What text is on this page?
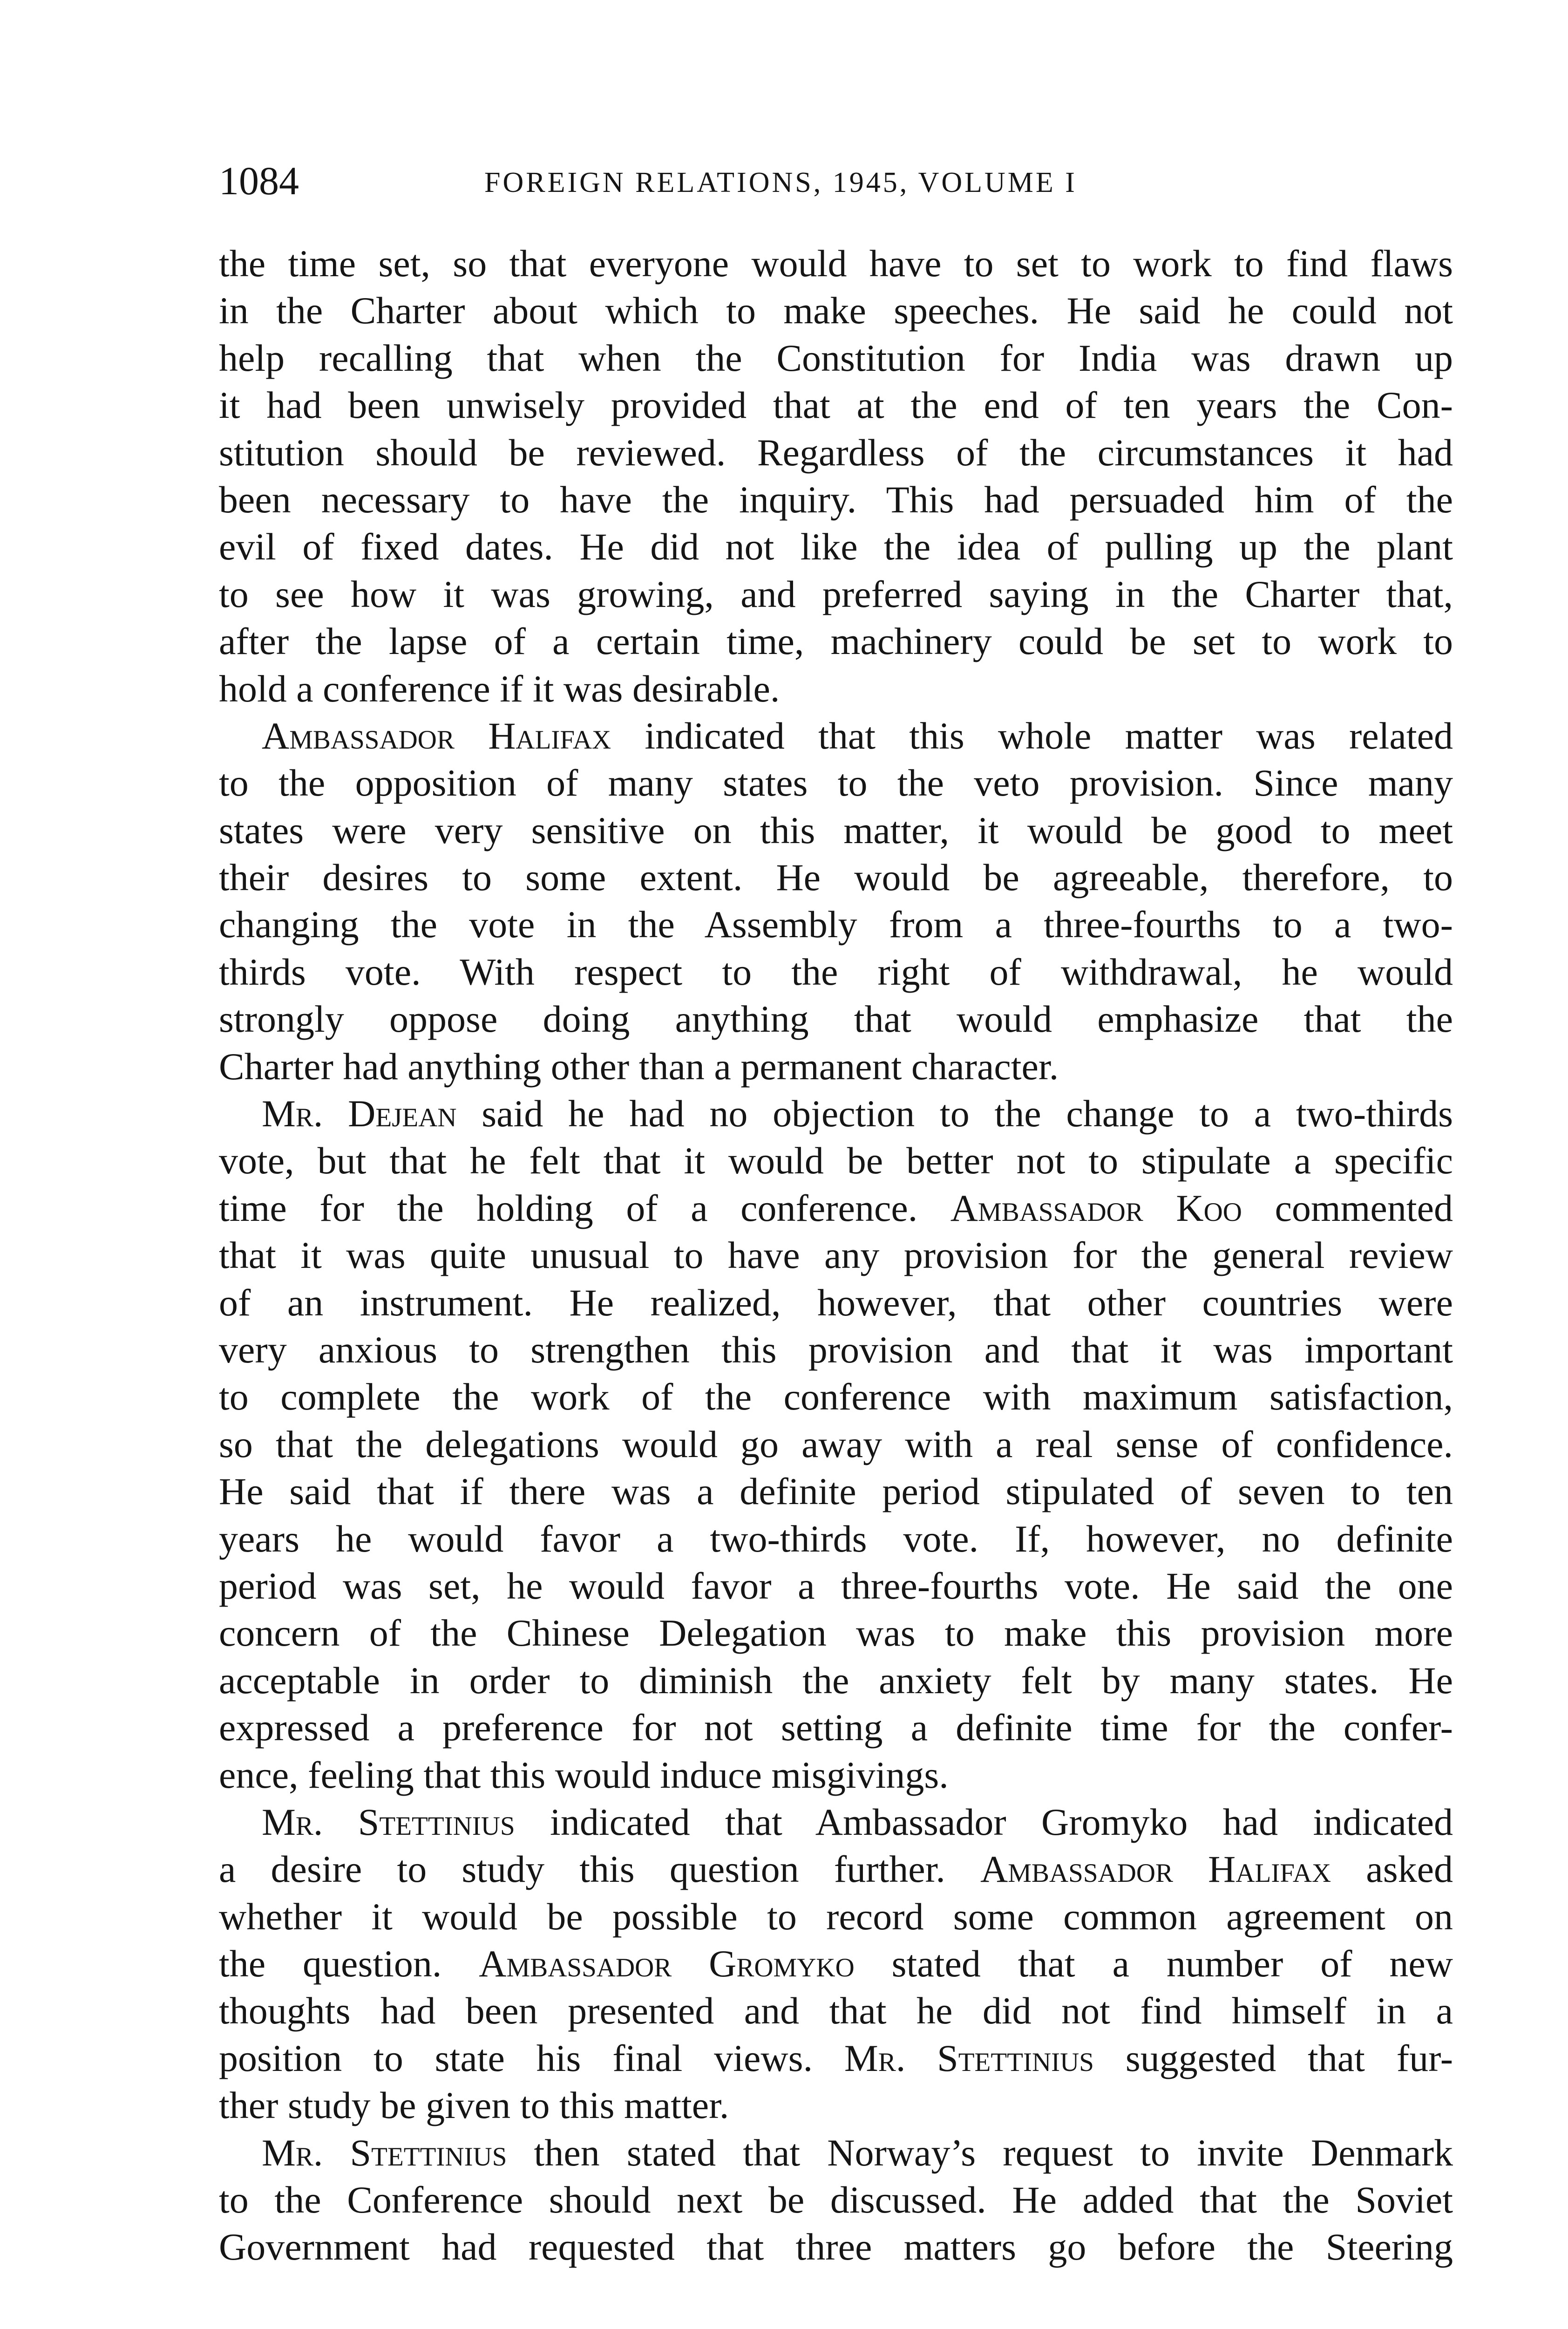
1084	FOREIGN RELATIONS, 1945, VOLUME I
the time set, so that everyone would have to set to work to find flaws
in the Charter about which to make speeches. He said he could not
help recalling that when the Constitution for India was drawn up
it had been unwisely provided that at the end of ten years the Con-
stitution should be reviewed. Regardless of the circumstances it had
been necessary to have the inquiry. This had persuaded him of the
evil of fixed dates. He did not like the idea of pulling up the plant
to see how it was growing, and preferred saying in the Charter that,
after the lapse of a certain time, machinery could be set to work to
hold a conference if it was desirable.
Ambassador Halifax indicated that this whole matter was related
to the opposition of many states to the veto provision. Since many
states were very sensitive on this matter, it would be good to meet
their desires to some extent. He would be agreeable, therefore, to
changing the vote in the Assembly from a three-fourths to a two-
thirds vote. With respect to the right of withdrawal, he would
strongly oppose doing anything that would emphasize that the
Charter had anything other than a permanent character.
Mr. Dejean said he had no objection to the change to a two-thirds
vote, but that he felt that it would be better not to stipulate a specific
time for the holding of a conference. Ambassador Koo commented
that it was quite unusual to have any provision for the general review
of an instrument. He realized, however, that other countries were
very anxious to strengthen this provision and that it was important
to complete the work of the conference with maximum satisfaction,
so that the delegations would go away with a real sense of confidence.
He said that if there was a definite period stipulated of seven to ten
years he would favor a two-thirds vote. If, however, no definite
period was set, he would favor a three-fourths vote. He said the one
concern of the Chinese Delegation was to make this provision more
acceptable in order to diminish the anxiety felt by many states. He
expressed a preference for not setting a definite time for the confer-
ence, feeling that this would induce misgivings.
Mr. Stettinius indicated that Ambassador Gromyko had indicated
a desire to study this question further. Ambassador Halifax asked
whether it would be possible to record some common agreement on
the question. Ambassador Gromyko stated that a number of new
thoughts had been presented and that he did not find himself in a
position to state his final views. Mr. Stettinius suggested that fur-
ther study be given to this matter.
Mr. Stettinius then stated that Norway’s request to invite Denmark
to the Conference should next be discussed. He added that the Soviet
Government had requested that three matters go before the Steering
